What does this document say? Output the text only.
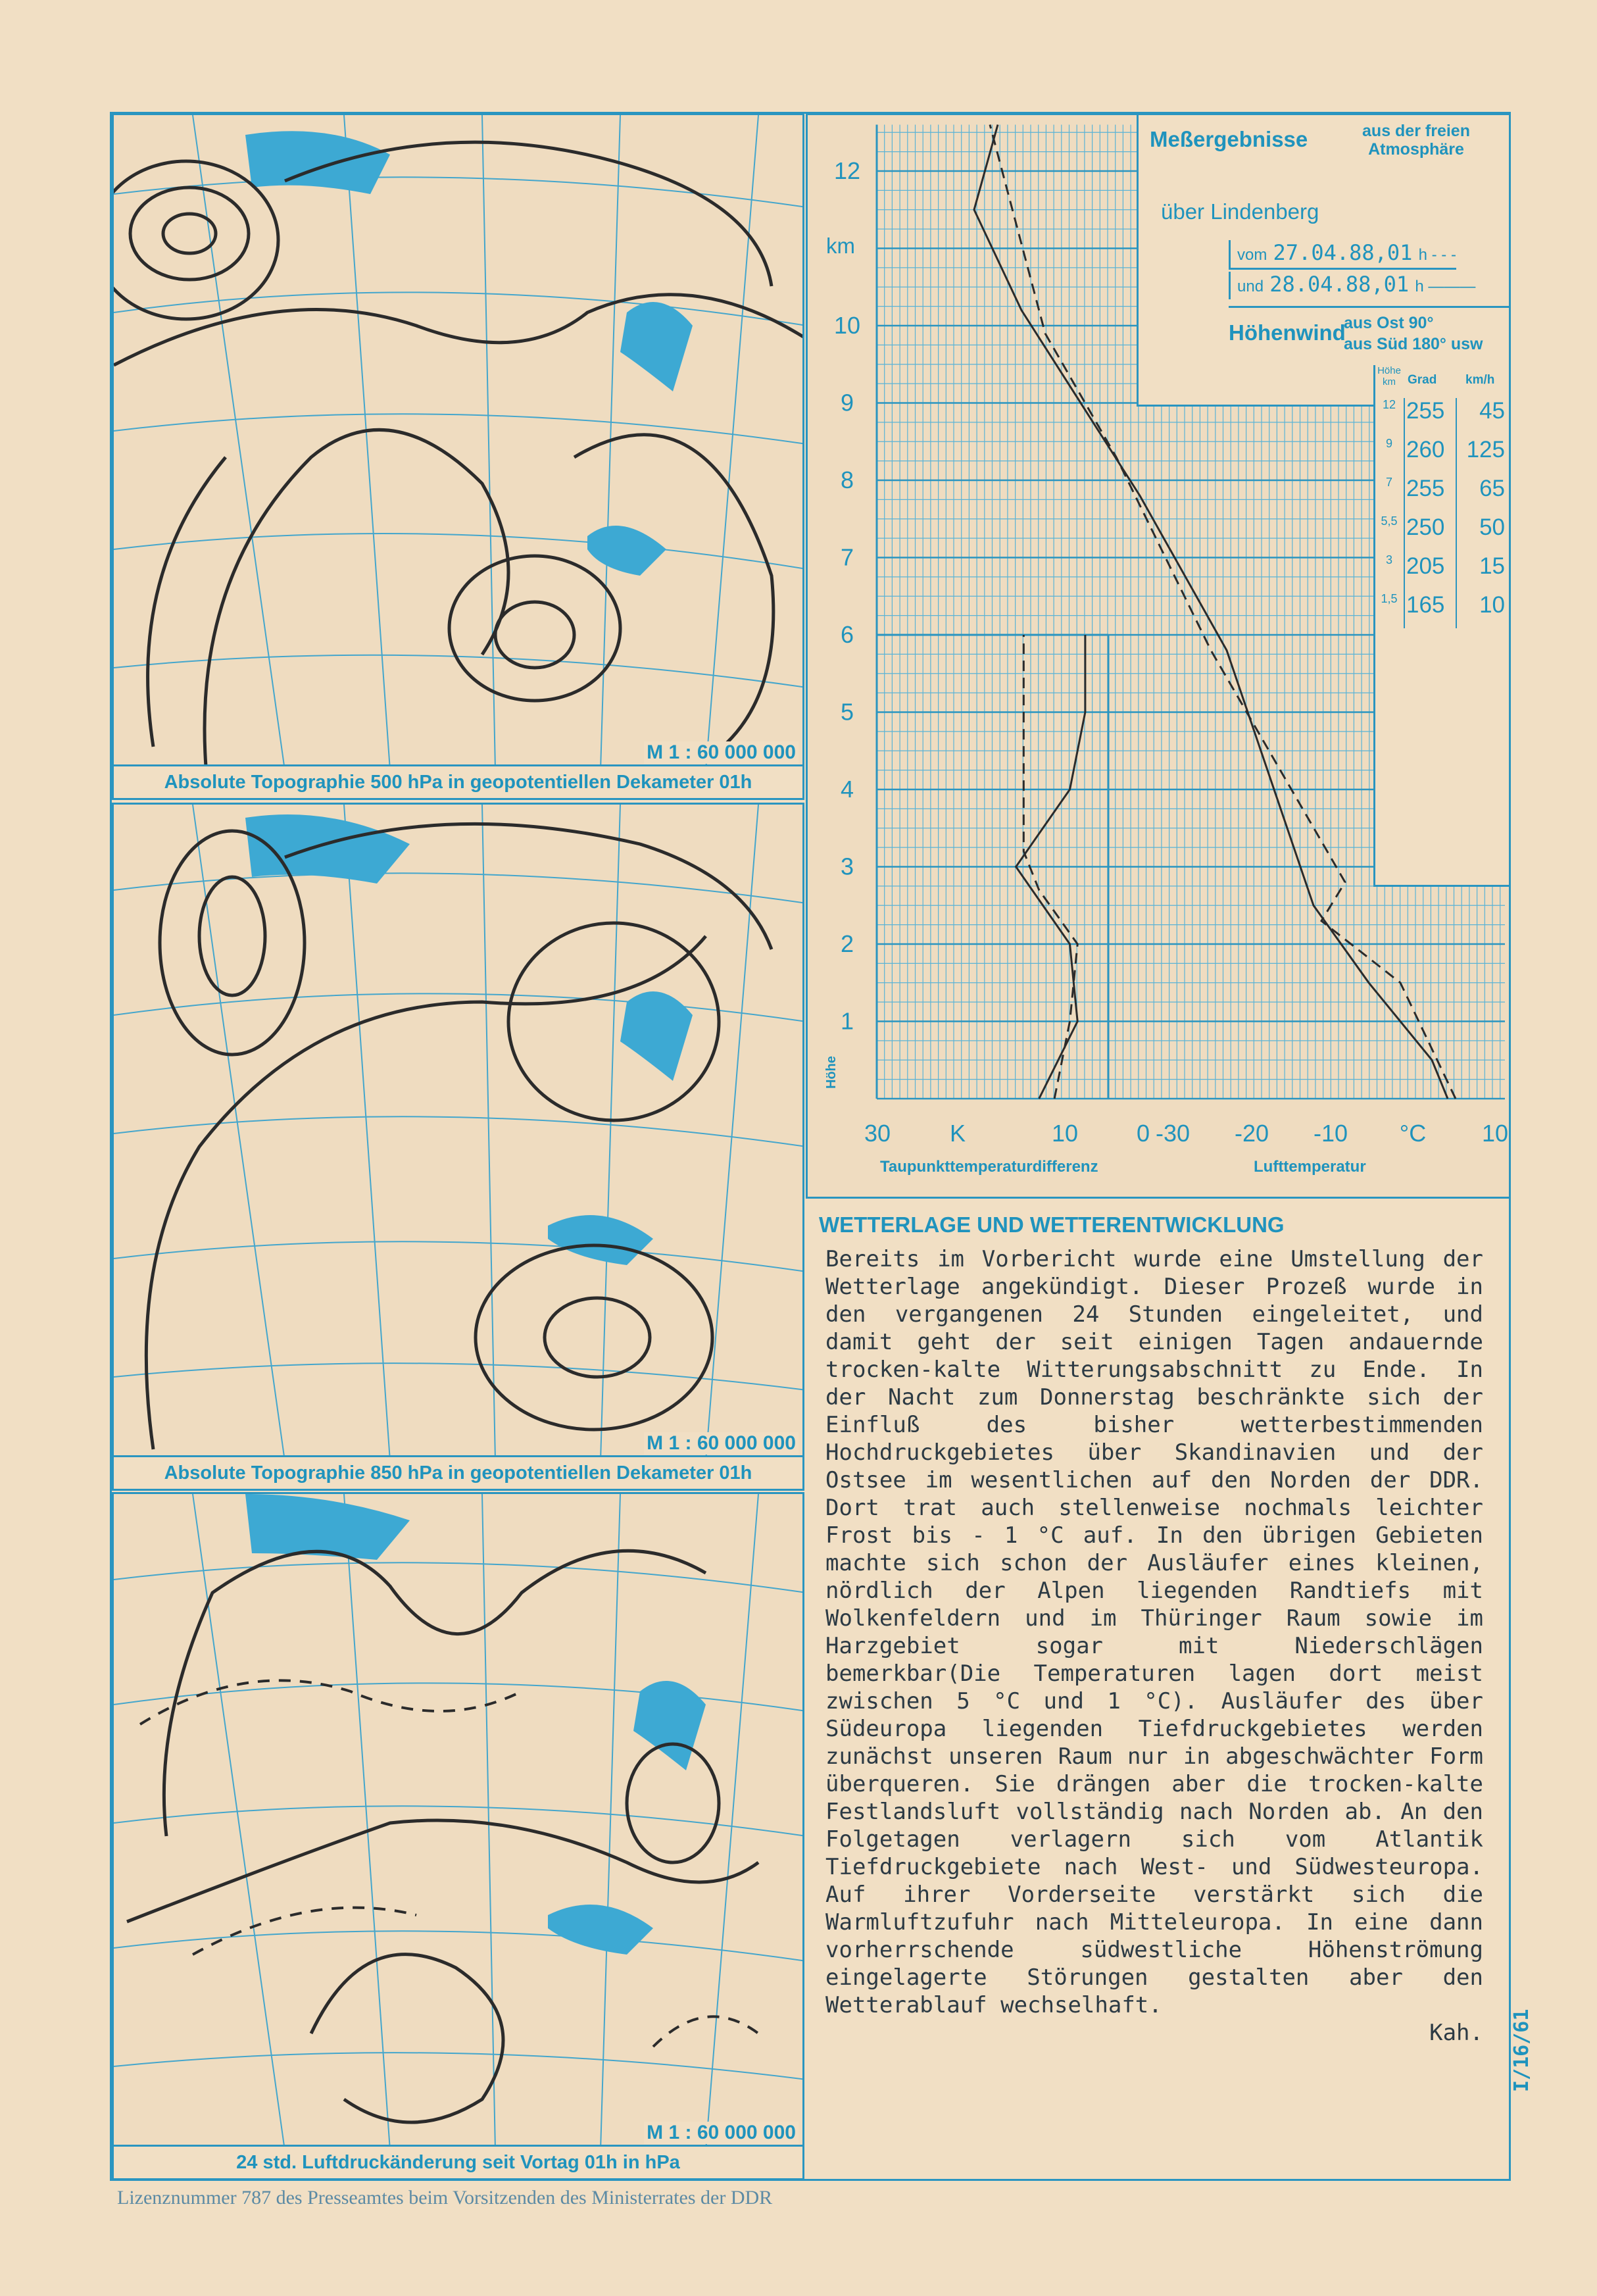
M 1 : 60 000 000
Absolute Topographie 500 hPa in geopotentiellen Dekameter 01h
M 1 : 60 000 000
Absolute Topographie 850 hPa in geopotentiellen Dekameter 01h
M 1 : 60 000 000
24 std. Luftdruckänderung seit Vortag 01h in hPa
1
2
3
4
5
6
7
8
9
10
12
30 K	10 0 -30 -20 -10 °C 10
Meßergebnisse	aus der freien Atmosphäre
über Lindenberg
vom 27.04.88,01 h - - -
und 28.04.88,01 h ———
Höhenwind
aus Ost 90°
aus Süd 180° usw
Höhe km Grad km/h
12 255	45
9 260 125
7 255	65
5,5 250	50
3 205	15
1,5 165	10
km
Höhe
Taupunkttemperaturdifferenz	Lufttemperatur
WETTERLAGE UND WETTERENTWICKLUNG

Bereits im Vorbericht wurde eine Umstellung der Wetterlage angekündigt. Dieser Prozeß wurde in den vergangenen 24 Stunden eingeleitet, und damit geht der seit einigen Tagen andauernde trocken-kalte Witterungsabschnitt zu Ende. In der Nacht zum Donnerstag beschränkte sich der Einfluß des bisher wetterbestimmenden Hochdruckgebietes über Skandinavien und der Ostsee im wesentlichen auf den Norden der DDR. Dort trat auch stellenweise nochmals leichter Frost bis - 1 °C auf. In den übrigen Gebieten machte sich schon der Ausläufer eines kleinen, nördlich der Alpen liegenden Randtiefs mit Wolkenfeldern und im Thüringer Raum sowie im Harzgebiet sogar mit Niederschlägen bemerkbar(Die Temperaturen lagen dort meist zwischen 5 °C und 1 °C). Ausläufer des über Südeuropa liegenden Tiefdruckgebietes werden zunächst unseren Raum nur in abgeschwächter Form überqueren. Sie drängen aber die trocken-kalte Festlandsluft vollständig nach Norden ab. An den Folgetagen verlagern sich vom Atlantik Tiefdruckgebiete nach West- und Südwesteuropa. Auf ihrer Vorderseite verstärkt sich die Warmluftzufuhr nach Mitteleuropa. In eine dann vorherrschende südwestliche Höhenströmung eingelagerte Störungen gestalten aber den Wetterablauf wechselhaft.

Kah. I/16/61
Lizenznummer 787 des Presseamtes beim Vorsitzenden des Ministerrates der DDR
